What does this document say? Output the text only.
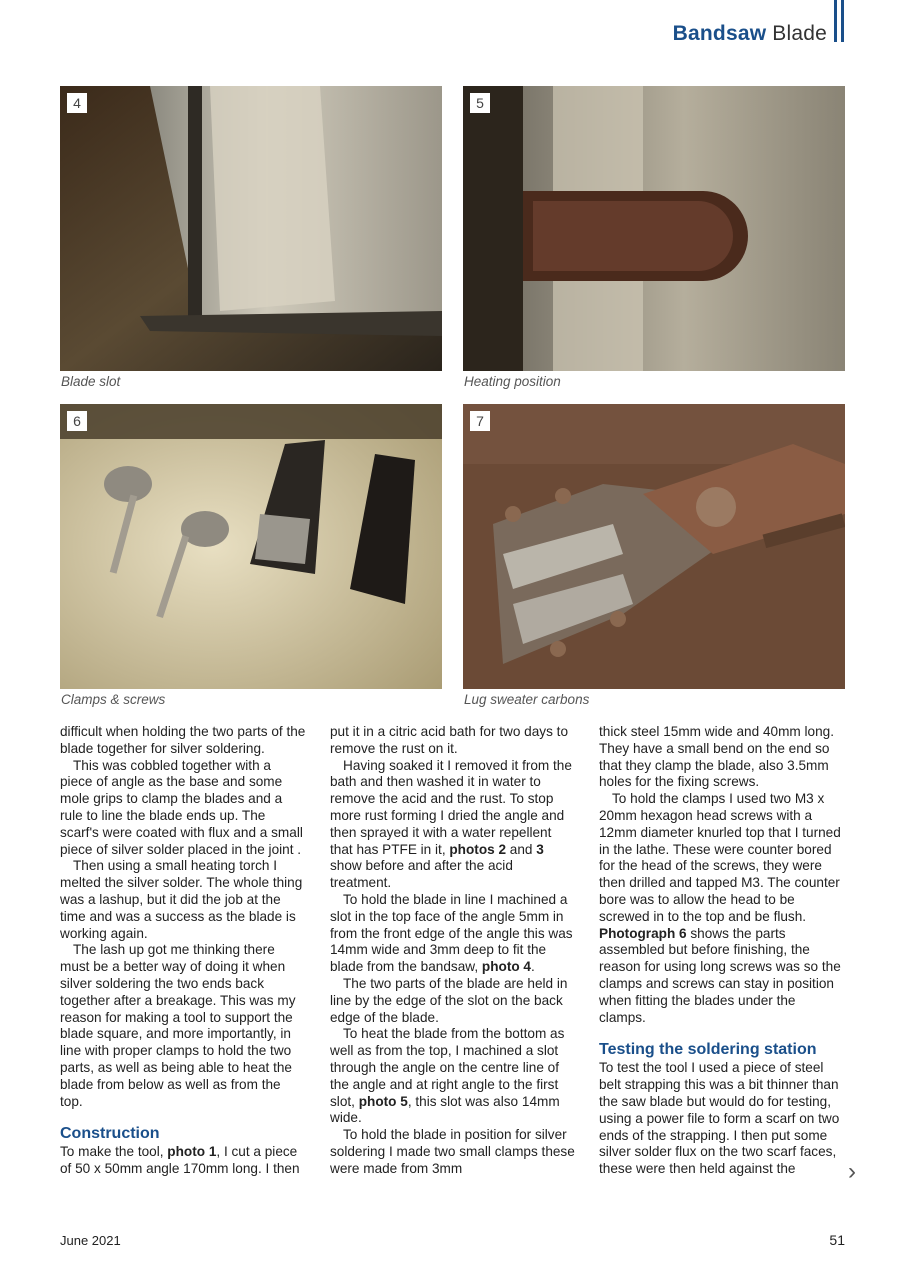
Bandsaw Blade
4
Blade slot
5
Heating position
6
Clamps & screws
7
Lug sweater carbons

difficult when holding the two parts of the blade together for silver soldering.

This was cobbled together with a piece of angle as the base and some mole grips to clamp the blades and a rule to line the blade ends up. The scarf's were coated with flux and a small piece of silver solder placed in the joint .

Then using a small heating torch I melted the silver solder. The whole thing was a lashup, but it did the job at the time and was a success as the blade is working again.

The lash up got me thinking there must be a better way of doing it when silver soldering the two ends back together after a breakage. This was my reason for making a tool to support the blade square, and more importantly, in line with proper clamps to hold the two parts, as well as being able to heat the blade from below as well as from the top.

Construction

To make the tool, photo 1, I cut a piece of 50 x 50mm angle 170mm long. I then

put it in a citric acid bath for two days to remove the rust on it.

Having soaked it I removed it from the bath and then washed it in water to remove the acid and the rust. To stop more rust forming I dried the angle and then sprayed it with a water repellent that has PTFE in it, photos 2 and 3 show before and after the acid treatment.

To hold the blade in line I machined a slot in the top face of the angle 5mm in from the front edge of the angle this was 14mm wide and 3mm deep to fit the blade from the bandsaw, photo 4.

The two parts of the blade are held in line by the edge of the slot on the back edge of the blade.

To heat the blade from the bottom as well as from the top, I machined a slot through the angle on the centre line of the angle and at right angle to the first slot, photo 5, this slot was also 14mm wide.

To hold the blade in position for silver soldering I made two small clamps these were made from 3mm

thick steel 15mm wide and 40mm long. They have a small bend on the end so that they clamp the blade, also 3.5mm holes for the fixing screws.

To hold the clamps I used two M3 x 20mm hexagon head screws with a 12mm diameter knurled top that I turned in the lathe. These were counter bored for the head of the screws, they were then drilled and tapped M3. The counter bore was to allow the head to be screwed in to the top and be flush. Photograph 6 shows the parts assembled but before finishing, the reason for using long screws was so the clamps and screws can stay in position when fitting the blades under the clamps.

Testing the soldering station

To test the tool I used a piece of steel belt strapping this was a bit thinner than the saw blade but would do for testing, using a power file to form a scarf on two ends of the strapping. I then put some silver solder flux on the two scarf faces, these were then held against the	›
June 2021	51
